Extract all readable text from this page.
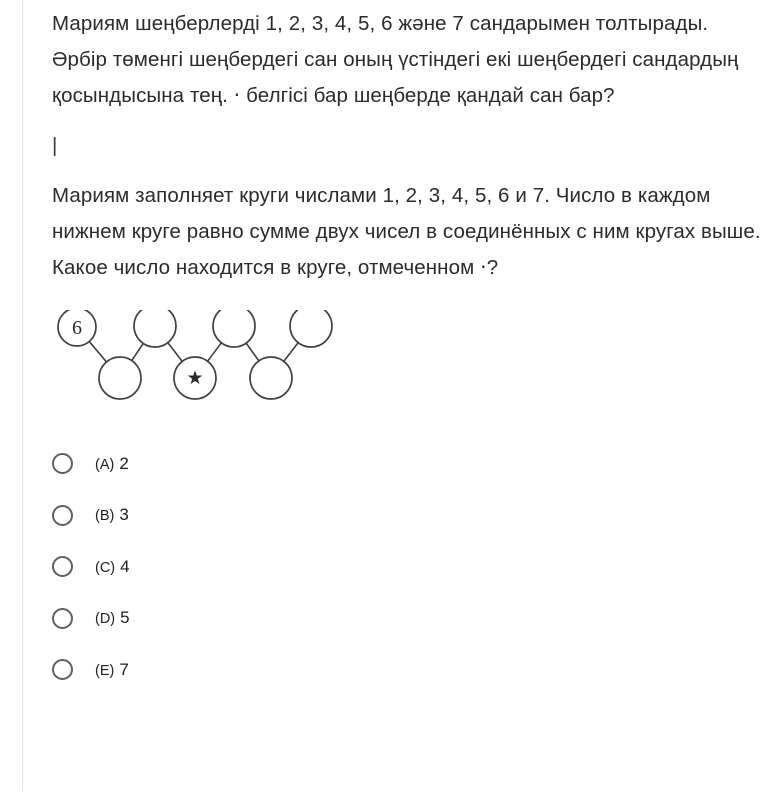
Мариям шеңберлерді 1, 2, 3, 4, 5, 6 және 7 сандарымен толтырады. Әрбір төменгі шеңбердегі сан оның үстіндегі екі шеңбердегі сандардың қосындысына тең. ⋅ белгісі бар шеңберде қандай сан бар?

|

Мариям заполняет круги числами 1, 2, 3, 4, 5, 6 и 7. Число в каждом нижнем круге равно сумме двух чисел в соединённых с ним кругах выше. Какое число находится в круге, отмеченном ⋅?

6
★
(A) 2
(B) 3
(C) 4
(D) 5
(E) 7
